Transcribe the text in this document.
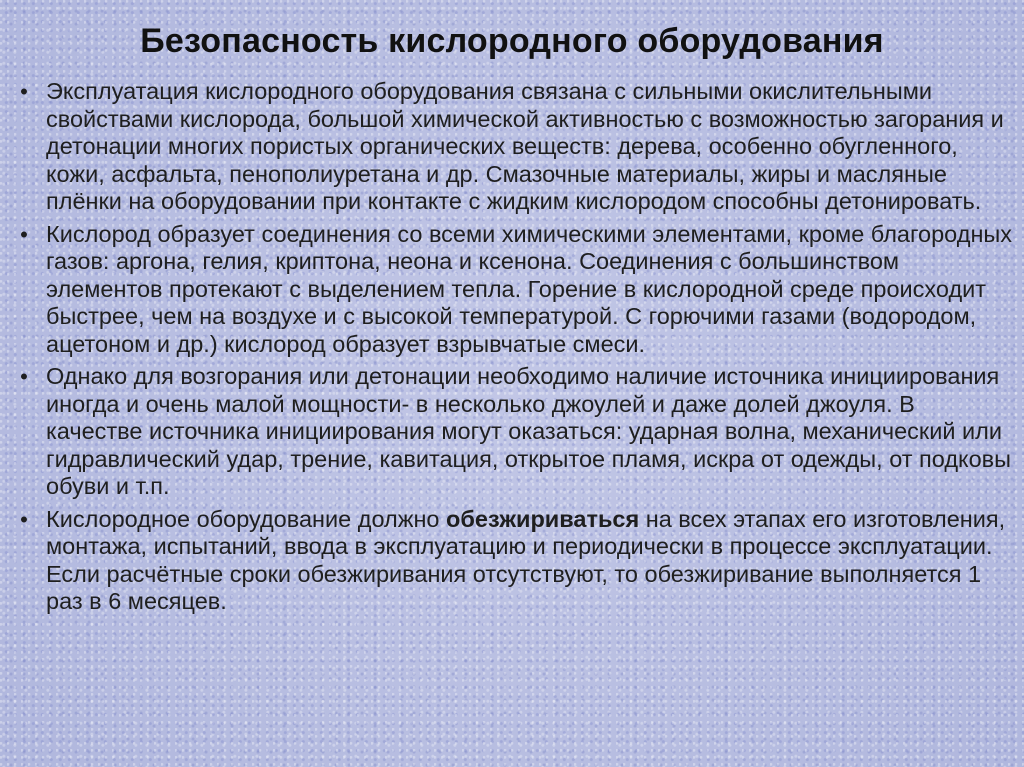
Безопасность кислородного оборудования
• Эксплуатация кислородного оборудования связана с сильными окислительными свойствами кислорода, большой химической активностью с возможностью загорания и детонации многих пористых органических веществ: дерева, особенно обугленного, кожи, асфальта, пенополиуретана и др. Смазочные материалы, жиры и масляные плёнки на оборудовании при контакте с жидким кислородом способны детонировать.
• Кислород образует соединения со всеми химическими элементами, кроме благородных газов: аргона, гелия, криптона, неона и ксенона. Соединения с большинством элементов протекают с выделением тепла. Горение в кислородной среде происходит быстрее, чем на воздухе и с высокой температурой. С горючими газами (водородом, ацетоном и др.) кислород образует взрывчатые смеси.
• Однако для возгорания или детонации необходимо наличие источника инициирования иногда и очень малой мощности- в несколько джоулей и даже долей джоуля. В качестве источника инициирования могут оказаться: ударная волна, механический или гидравлический удар, трение, кавитация, открытое пламя, искра от одежды, от подковы обуви и т.п.
• Кислородное оборудование должно обезжириваться на всех этапах его изготовления, монтажа, испытаний, ввода в эксплуатацию и периодически в процессе эксплуатации. Если расчётные сроки обезжиривания отсутствуют, то обезжиривание выполняется 1 раз в 6 месяцев.
